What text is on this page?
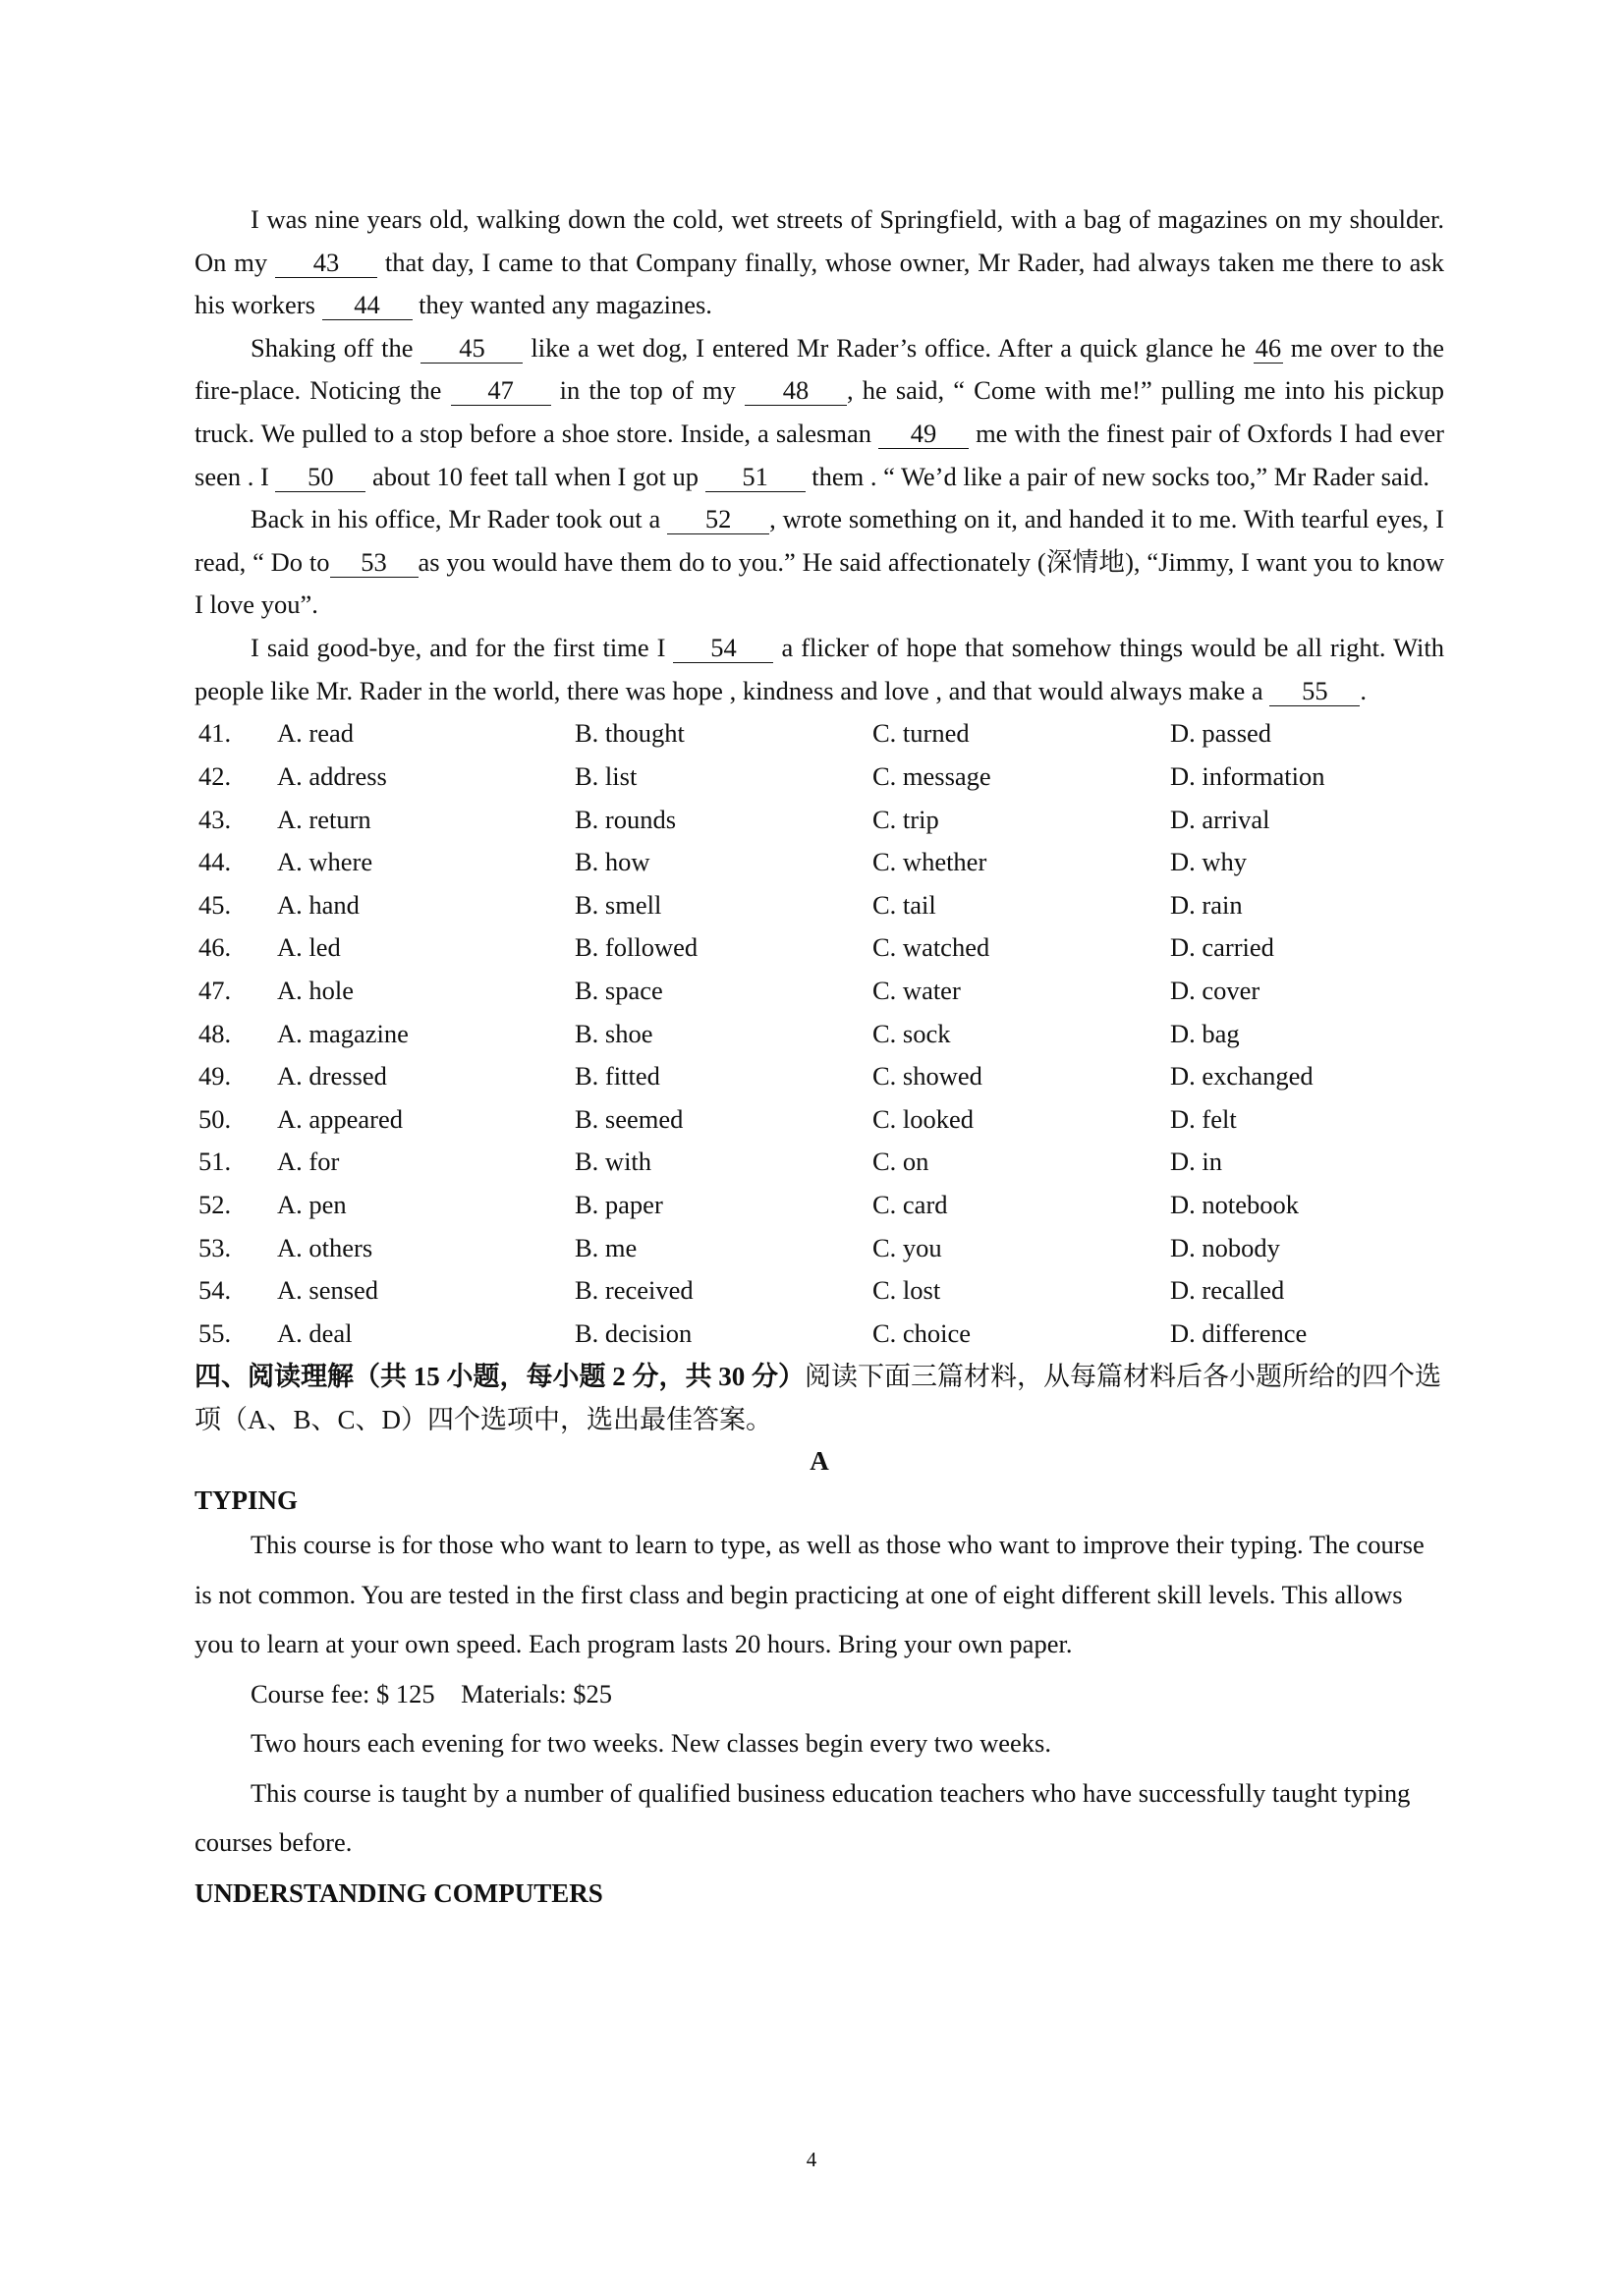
I was nine years old, walking down the cold, wet streets of Springfield, with a bag of magazines on my shoulder. On my 43 that day, I came to that Company finally, whose owner, Mr Rader, had always taken me there to ask his workers 44 they wanted any magazines.

Shaking off the 45 like a wet dog, I entered Mr Rader’s office. After a quick glance he 46 me over to the fire-place. Noticing the 47 in the top of my 48 , he said, “ Come with me!” pulling me into his pickup truck. We pulled to a stop before a shoe store. Inside, a salesman 49 me with the finest pair of Oxfords I had ever seen . I 50 about 10 feet tall when I got up 51 them . “ We’d like a pair of new socks too,” Mr Rader said.

Back in his office, Mr Rader took out a 52 , wrote something on it, and handed it to me. With tearful eyes, I read, “ Do to 53 as you would have them do to you.” He said affectionately (深情地), “Jimmy, I want you to know I love you”.

I said good-bye, and for the first time I 54 a flicker of hope that somehow things would be all right. With people like Mr. Rader in the world, there was hope , kindness and love , and that would always make a 55 .

41.	A. read	B. thought	C. turned	D. passed
42.	A. address	B. list	C. message	D. information
43.	A. return	B. rounds	C. trip	D. arrival
44.	A. where	B. how	C. whether	D. why
45.	A. hand	B. smell	C. tail	D. rain
46.	A. led	B. followed	C. watched	D. carried
47.	A. hole	B. space	C. water	D. cover
48.	A. magazine	B. shoe	C. sock	D. bag
49.	A. dressed	B. fitted	C. showed	D. exchanged
50.	A. appeared	B. seemed	C. looked	D. felt
51.	A. for	B. with	C. on	D. in
52.	A. pen	B. paper	C. card	D. notebook
53.	A. others	B. me	C. you	D. nobody
54.	A. sensed	B. received	C. lost	D. recalled
55.	A. deal	B. decision	C. choice	D. difference

四、阅读理解（共 15 小题，每小题 2 分，共 30 分）阅读下面三篇材料，从每篇材料后各小题所给的四个选项（A、B、C、D）四个选项中，选出最佳答案。

A

TYPING

This course is for those who want to learn to type, as well as those who want to improve their typing. The course is not common. You are tested in the first class and begin practicing at one of eight different skill levels. This allows you to learn at your own speed. Each program lasts 20 hours. Bring your own paper.

Course fee: $ 125    Materials: $25

Two hours each evening for two weeks. New classes begin every two weeks.

This course is taught by a number of qualified business education teachers who have successfully taught typing courses before.

UNDERSTANDING COMPUTERS

4
